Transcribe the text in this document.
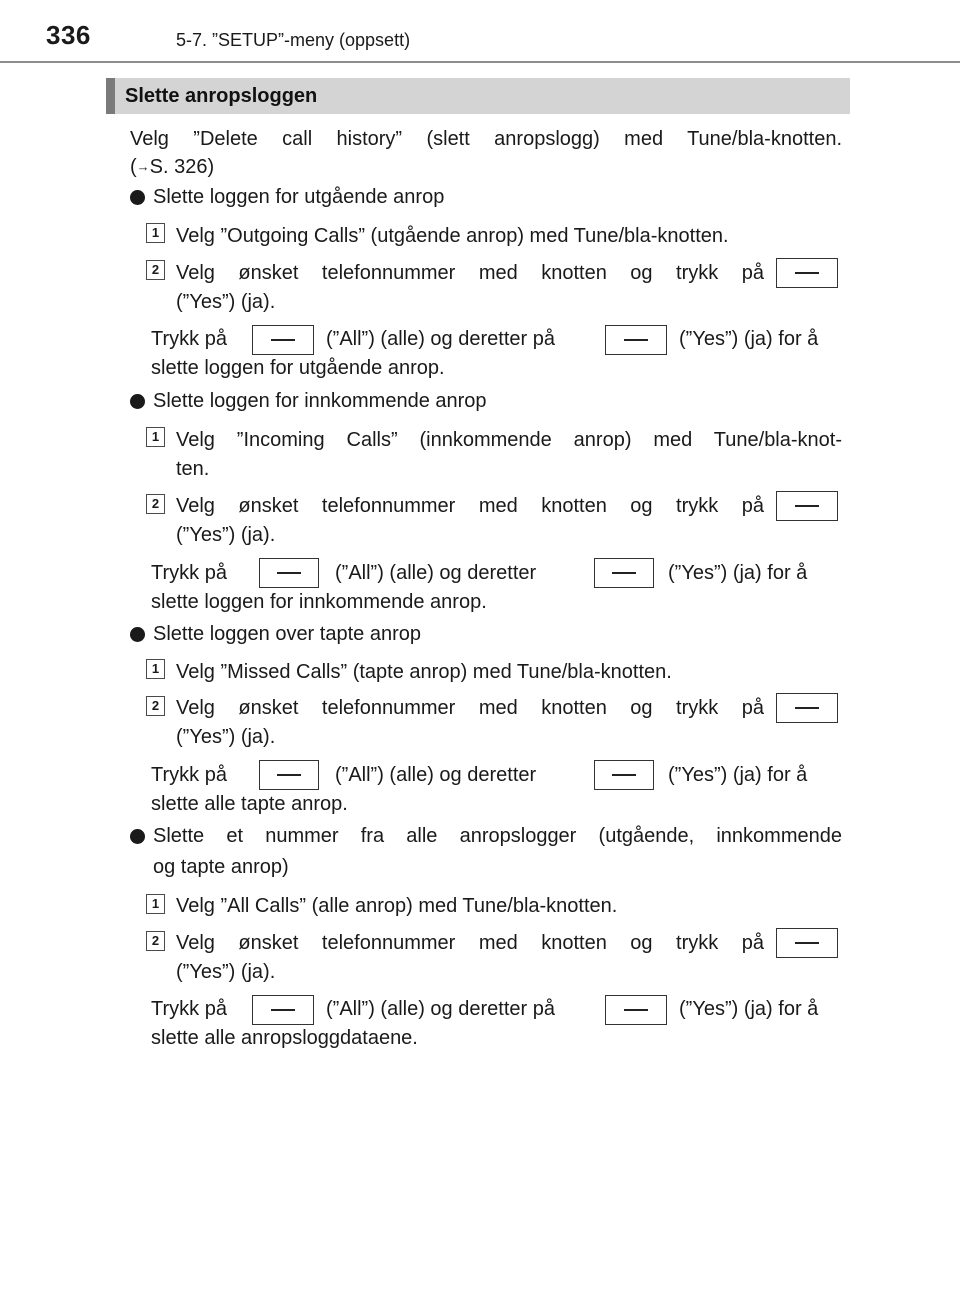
336	5-7. ”SETUP”-meny (oppsett)
Slette anropsloggen
Velg ”Delete call history” (slett anropslogg) med Tune/bla-knotten.
(→S. 326)
Slette loggen for utgående anrop
1 Velg ”Outgoing Calls” (utgående anrop) med Tune/bla-knotten.
2 Velg ønsket telefonnummer med knotten og trykk på
(”Yes”) (ja).
Trykk på	(”All”) (alle) og deretter på	(”Yes”) (ja) for å
slette loggen for utgående anrop.
Slette loggen for innkommende anrop
1 Velg ”Incoming Calls” (innkommende anrop) med Tune/bla-knot-
ten.
2 Velg ønsket telefonnummer med knotten og trykk på
(”Yes”) (ja).
Trykk på	(”All”) (alle) og deretter	(”Yes”) (ja) for å
slette loggen for innkommende anrop.
Slette loggen over tapte anrop
1 Velg ”Missed Calls” (tapte anrop) med Tune/bla-knotten.
2 Velg ønsket telefonnummer med knotten og trykk på
(”Yes”) (ja).
Trykk på	(”All”) (alle) og deretter	(”Yes”) (ja) for å
slette alle tapte anrop.
Slette et nummer fra alle anropslogger (utgående, innkommende
og tapte anrop)
1 Velg ”All Calls” (alle anrop) med Tune/bla-knotten.
2 Velg ønsket telefonnummer med knotten og trykk på
(”Yes”) (ja).
Trykk på	(”All”) (alle) og deretter på	(”Yes”) (ja) for å
slette alle anropsloggdataene.
